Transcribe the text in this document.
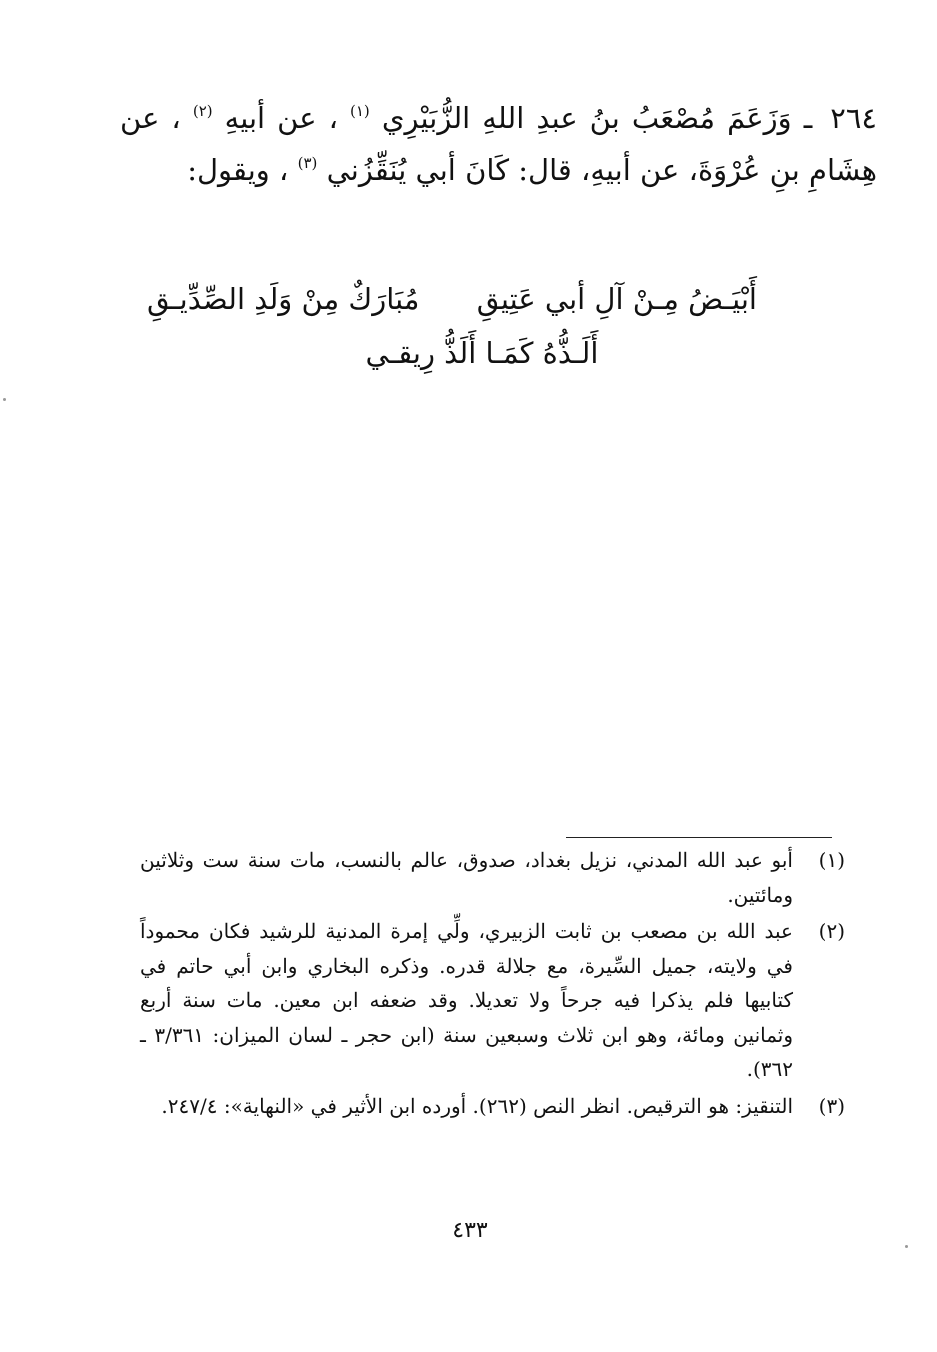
٢٦٤ ـ وَزَعَمَ مُصْعَبُ بنُ عبدِ اللهِ الزُّبَيْرِي $^{(١)}$ ، عن أبيهِ $^{(٢)}$ ، عن هِشَامِ بنِ عُرْوَةَ، عن أبيهِ، قال: كَانَ أبي يُنَقِّزُني $^{(٣)}$ ، ويقول:
أَبْيَـضُ مِـنْ آلِ أبي عَتِيقِ
مُبَارَكٌ مِنْ وَلَدِ الصِّدِّيـقِ
أَلَـذُّهُ كَمَـا أَلَذُّ رِيقـي
(١)
أبو عبد الله المدني، نزيل بغداد، صدوق، عالم بالنسب، مات سنة ست وثلاثين ومائتين.
(٢)
عبد الله بن مصعب بن ثابت الزبيري، ولِّي إمرة المدنية للرشيد فكان محموداً في ولايته، جميل السِّيرة، مع جلالة قدره. وذكره البخاري وابن أبي حاتم في كتابيها فلم يذكرا فيه جرحاً ولا تعديلا. وقد ضعفه ابن معين. مات سنة أربع وثمانين ومائة، وهو ابن ثلاث وسبعين سنة (ابن حجر ـ لسان الميزان: ٣/٣٦١ ـ ٣٦٢).
(٣)
التنقيز: هو الترقيص. انظر النص (٢٦٢). أورده ابن الأثير في «النهاية»: ٢٤٧/٤.
٤٣٣
